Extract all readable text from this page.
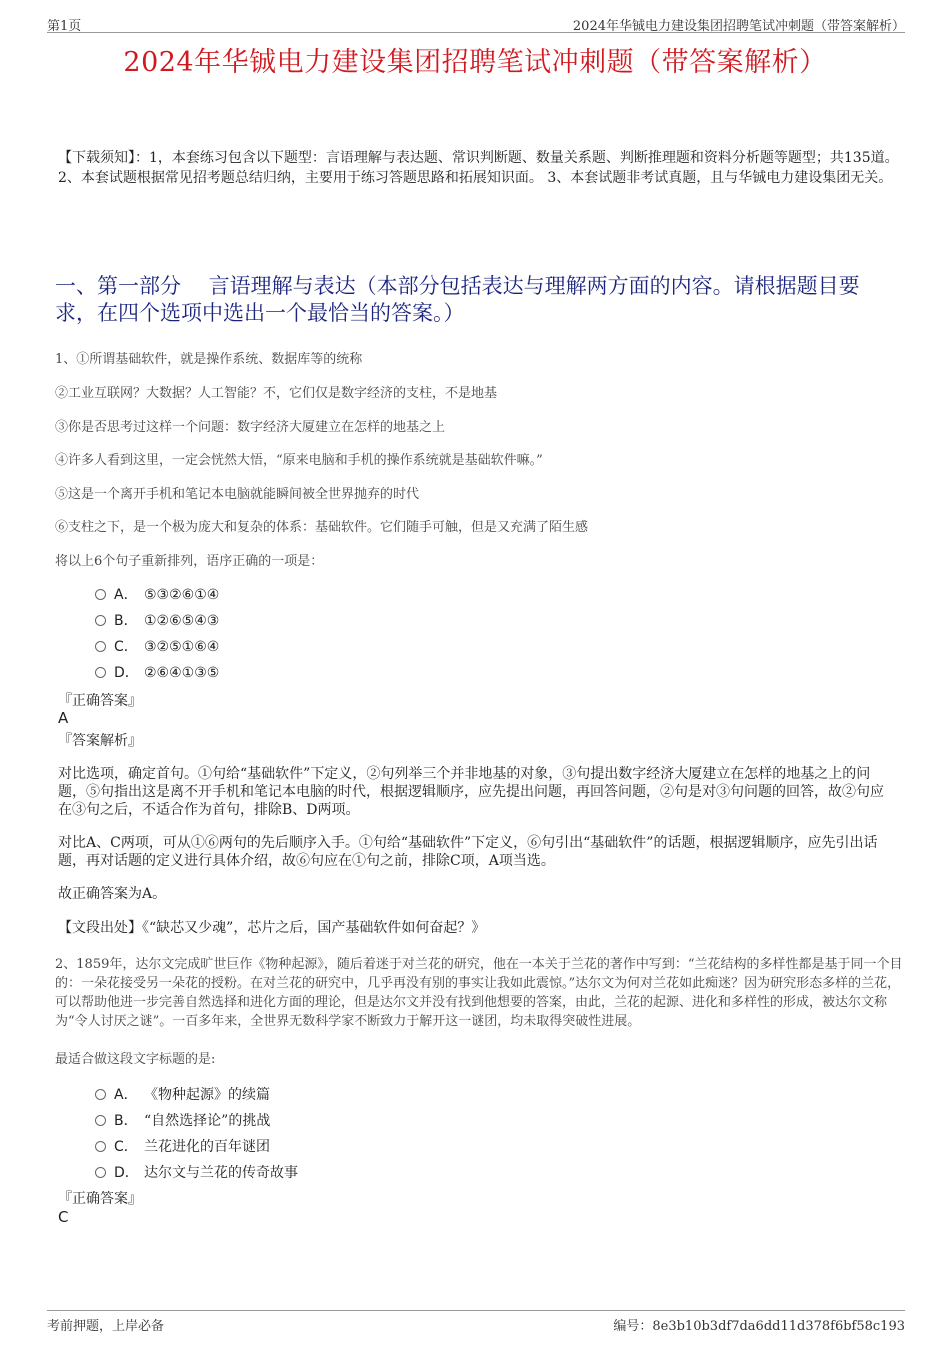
第1页	2024年华铖电力建设集团招聘笔试冲刺题（带答案解析）
2024年华铖电力建设集团招聘笔试冲刺题（带答案解析）
【下载须知】：1，本套练习包含以下题型：言语理解与表达题、常识判断题、数量关系题、判断推理题和资料分析题等题型；共135道。 2、本套试题根据常见招考题总结归纳，主要用于练习答题思路和拓展知识面。 3、本套试题非考试真题，且与华铖电力建设集团无关。
一、第一部分　 言语理解与表达（本部分包括表达与理解两方面的内容。请根据题目要求，在四个选项中选出一个最恰当的答案。）
1、①所谓基础软件，就是操作系统、数据库等的统称
②工业互联网？大数据？人工智能？不，它们仅是数字经济的支柱，不是地基
③你是否思考过这样一个问题：数字经济大厦建立在怎样的地基之上
④许多人看到这里，一定会恍然大悟，“原来电脑和手机的操作系统就是基础软件嘛。”
⑤这是一个离开手机和笔记本电脑就能瞬间被全世界抛弃的时代
⑥支柱之下，是一个极为庞大和复杂的体系：基础软件。它们随手可触，但是又充满了陌生感
将以上6个句子重新排列，语序正确的一项是：
A． ⑤③②⑥①④
B． ①②⑥⑤④③
C． ③②⑤①⑥④
D． ②⑥④①③⑤
『正确答案』
A
『答案解析』
对比选项，确定首句。①句给“基础软件”下定义，②句列举三个并非地基的对象，③句提出数字经济大厦建立在怎样的地基之上的问题，⑤句指出这是离不开手机和笔记本电脑的时代，根据逻辑顺序，应先提出问题，再回答问题，②句是对③句问题的回答，故②句应在③句之后，不适合作为首句，排除B、D两项。
对比A、C两项，可从①⑥两句的先后顺序入手。①句给“基础软件”下定义，⑥句引出“基础软件”的话题，根据逻辑顺序，应先引出话题，再对话题的定义进行具体介绍，故⑥句应在①句之前，排除C项，A项当选。
故正确答案为A。
【文段出处】《“缺芯又少魂”，芯片之后，国产基础软件如何奋起？》
2、1859年，达尔文完成旷世巨作《物种起源》，随后着迷于对兰花的研究，他在一本关于兰花的著作中写到：“兰花结构的多样性都是基于同一个目的：一朵花接受另一朵花的授粉。在对兰花的研究中，几乎再没有别的事实让我如此震惊。”达尔文为何对兰花如此痴迷？因为研究形态多样的兰花，可以帮助他进一步完善自然选择和进化方面的理论，但是达尔文并没有找到他想要的答案，由此，兰花的起源、进化和多样性的形成，被达尔文称为“令人讨厌之谜”。一百多年来，全世界无数科学家不断致力于解开这一谜团，均未取得突破性进展。
最适合做这段文字标题的是:
A． 《物种起源》的续篇
B． “自然选择论”的挑战
C． 兰花进化的百年谜团
D． 达尔文与兰花的传奇故事
『正确答案』
C
考前押题，上岸必备	编号：8e3b10b3df7da6dd11d378f6bf58c193
